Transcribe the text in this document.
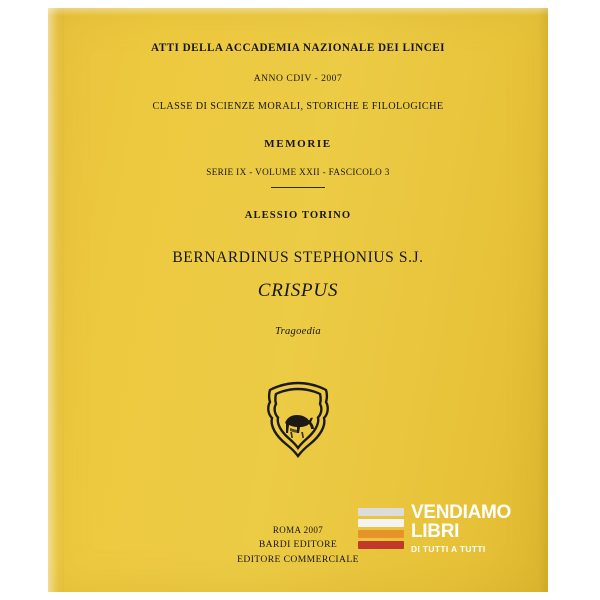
ATTI DELLA ACCADEMIA NAZIONALE DEI LINCEI
ANNO CDIV - 2007
CLASSE DI SCIENZE MORALI, STORICHE E FILOLOGICHE
MEMORIE
SERIE IX - VOLUME XXII - FASCICOLO 3
ALESSIO TORINO
BERNARDINUS STEPHONIUS S.J.
CRISPUS
Tragoedia
ROMA 2007
BARDI EDITORE
EDITORE COMMERCIALE
VENDIAMO
LIBRI
DI TUTTI A TUTTI
